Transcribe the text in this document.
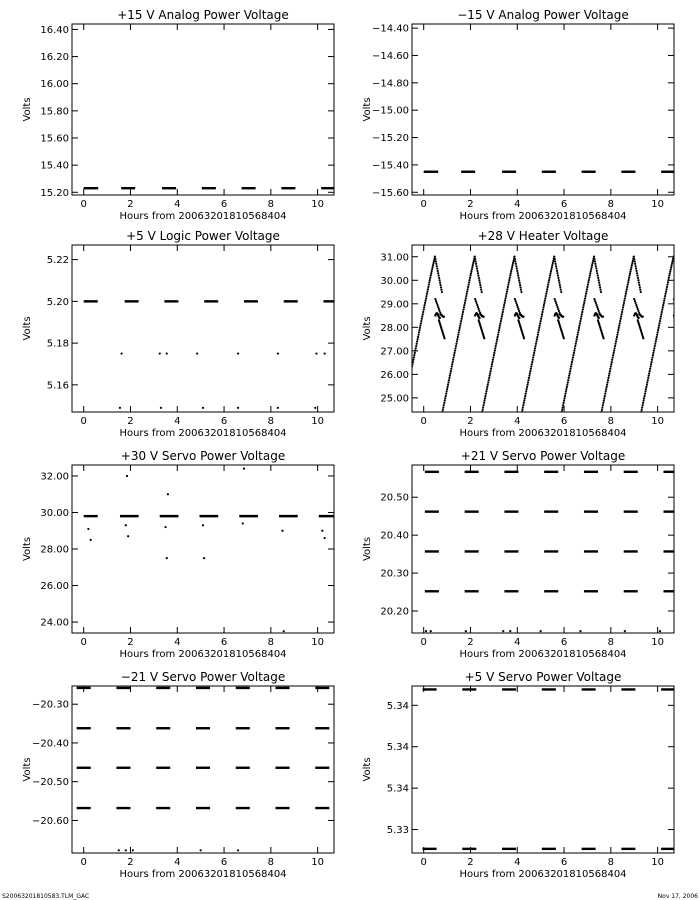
+15 V Analog Power Voltage
0	2	4	6	8	10
15.20
15.40
15.60
15.80
16.00
16.20
16.40
Hours from 20063201810568404
Volts
−15 V Analog Power Voltage
0	2	4	6	8	10
−14.40
−14.60
−14.80
−15.00
−15.20
−15.40
−15.60
Hours from 20063201810568404
Volts
+5 V Logic Power Voltage
0	2	4	6	8	10
5.16
5.18
5.20
5.22
Hours from 20063201810568404
Volts
+28 V Heater Voltage
0	2	4	6	8	10
25.00
26.00
27.00
28.00
29.00
30.00
31.00
Hours from 20063201810568404
Volts
+30 V Servo Power Voltage
0	2	4	6	8	10
24.00
26.00
28.00
30.00
32.00
Hours from 20063201810568404
Volts
+21 V Servo Power Voltage
0	2	4	6	8	10
20.20
20.30
20.40
20.50
Hours from 20063201810568404
Volts
−21 V Servo Power Voltage
0	2	4	6	8	10
−20.30
−20.40
−20.50
−20.60
Hours from 20063201810568404
Volts
+5 V Servo Power Voltage
0	2	4	6	8	10
5.33
5.34
5.34
5.34
Hours from 20063201810568404
Volts
S20063201810583.TLM_GAC	Nov 17, 2006
